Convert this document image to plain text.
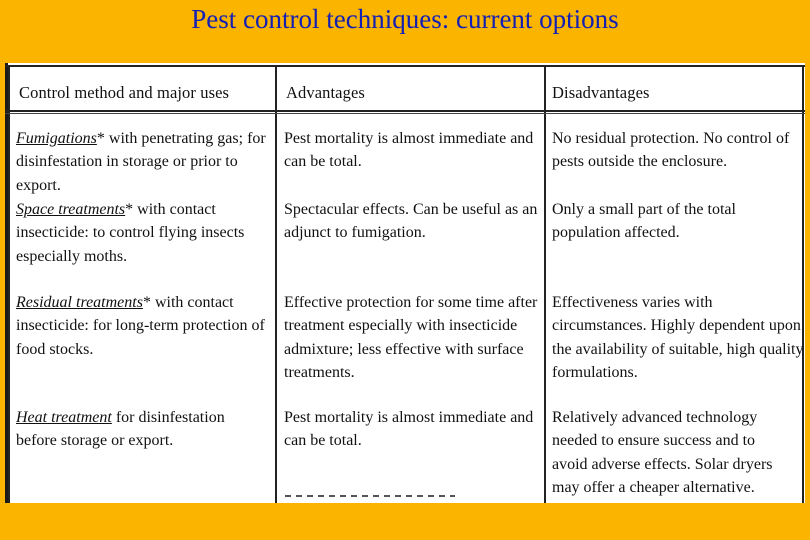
Pest control techniques: current options
Control method and major uses	Advantages	Disadvantages
Fumigations* with penetrating gas; for disinfestation in storage or prior to export.
Pest mortality is almost immediate and can be total.
No residual protection. No control of pests outside the enclosure.
Space treatments* with contact insecticide: to control flying insects especially moths.
Spectacular effects. Can be useful as an adjunct to fumigation.
Only a small part of the total population affected.
Residual treatments* with contact insecticide: for long-term protection of food stocks.
Effective protection for some time after treatment especially with insecticide admixture; less effective with surface treatments.
Effectiveness varies with circumstances. Highly dependent upon the availability of suitable, high quality formulations.
Heat treatment for disinfestation before storage or export.
Pest mortality is almost immediate and can be total.
Relatively advanced technology needed to ensure success and to avoid adverse effects. Solar dryers may offer a cheaper alternative.
